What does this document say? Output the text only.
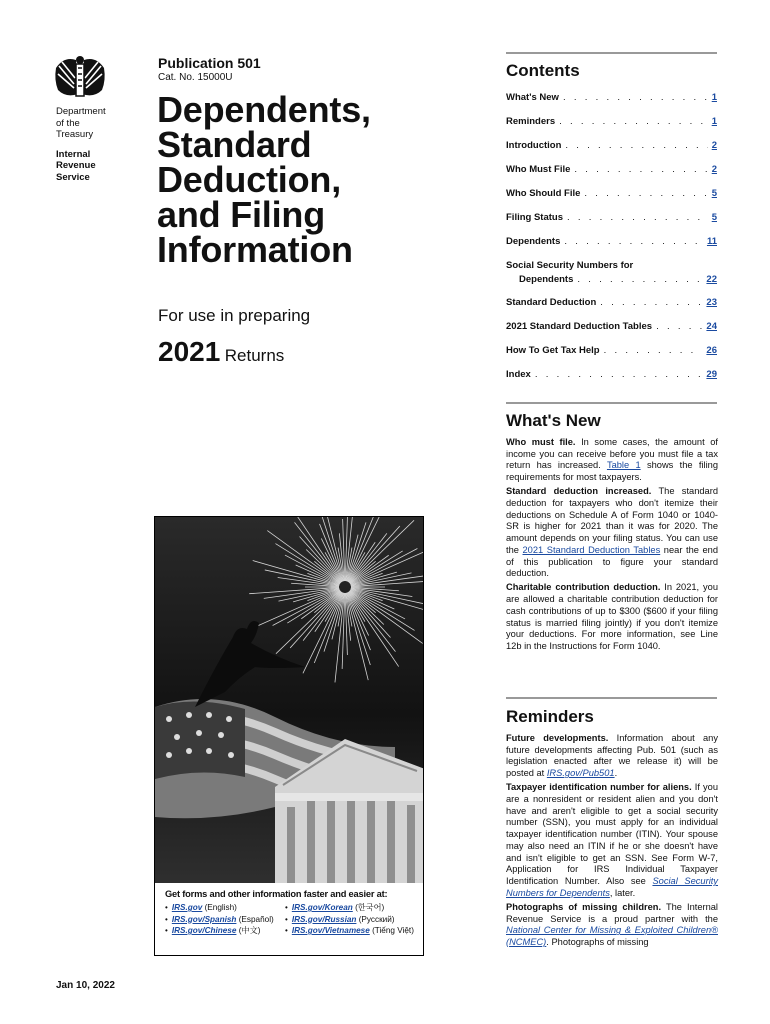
Department
of the
Treasury
Internal
Revenue
Service
Publication 501
Cat. No. 15000U
Dependents,
Standard
Deduction,
and Filing
Information
For use in preparing
2021 Returns
Get forms and other information faster and easier at:
• IRS.gov (English)
• IRS.gov/Spanish (Español)
• IRS.gov/Chinese (中文)
• IRS.gov/Korean (한국어)
• IRS.gov/Russian (Pусский)
• IRS.gov/Vietnamese (Tiếng Việt)
Jan 10, 2022
Contents
What's New . . .	1
Reminders . . .	1
Introduction . . .	2
Who Must File . . .	2
Who Should File . . .	5
Filing Status . . .	5
Dependents . . .	11
Social Security Numbers for
Dependents . . .	22
Standard Deduction . . .	23
2021 Standard Deduction Tables . . .	24
How To Get Tax Help . . .	26
Index . . .	29
What's New

Who must file. In some cases, the amount of income you can receive before you must file a tax return has increased. Table 1 shows the filing requirements for most taxpayers.

Standard deduction increased. The standard deduction for taxpayers who don't itemize their deductions on Schedule A of Form 1040 or 1040-SR is higher for 2021 than it was for 2020. The amount depends on your filing status. You can use the 2021 Standard Deduction Tables near the end of this publication to figure your standard deduction.

Charitable contribution deduction. In 2021, you are allowed a charitable contribution deduction for cash contributions of up to $300 ($600 if your filing status is married filing jointly) if you don't itemize your deductions. For more information, see Line 12b in the Instructions for Form 1040.

Reminders

Future developments. Information about any future developments affecting Pub. 501 (such as legislation enacted after we release it) will be posted at IRS.gov/Pub501.

Taxpayer identification number for aliens. If you are a nonresident or resident alien and you don't have and aren't eligible to get a social security number (SSN), you must apply for an individual taxpayer identification number (ITIN). Your spouse may also need an ITIN if he or she doesn't have and isn't eligible to get an SSN. See Form W-7, Application for IRS Individual Taxpayer Identification Number. Also see Social Security Numbers for Dependents, later.

Photographs of missing children. The Internal Revenue Service is a proud partner with the National Center for Missing & Exploited Children® (NCMEC). Photographs of missing
